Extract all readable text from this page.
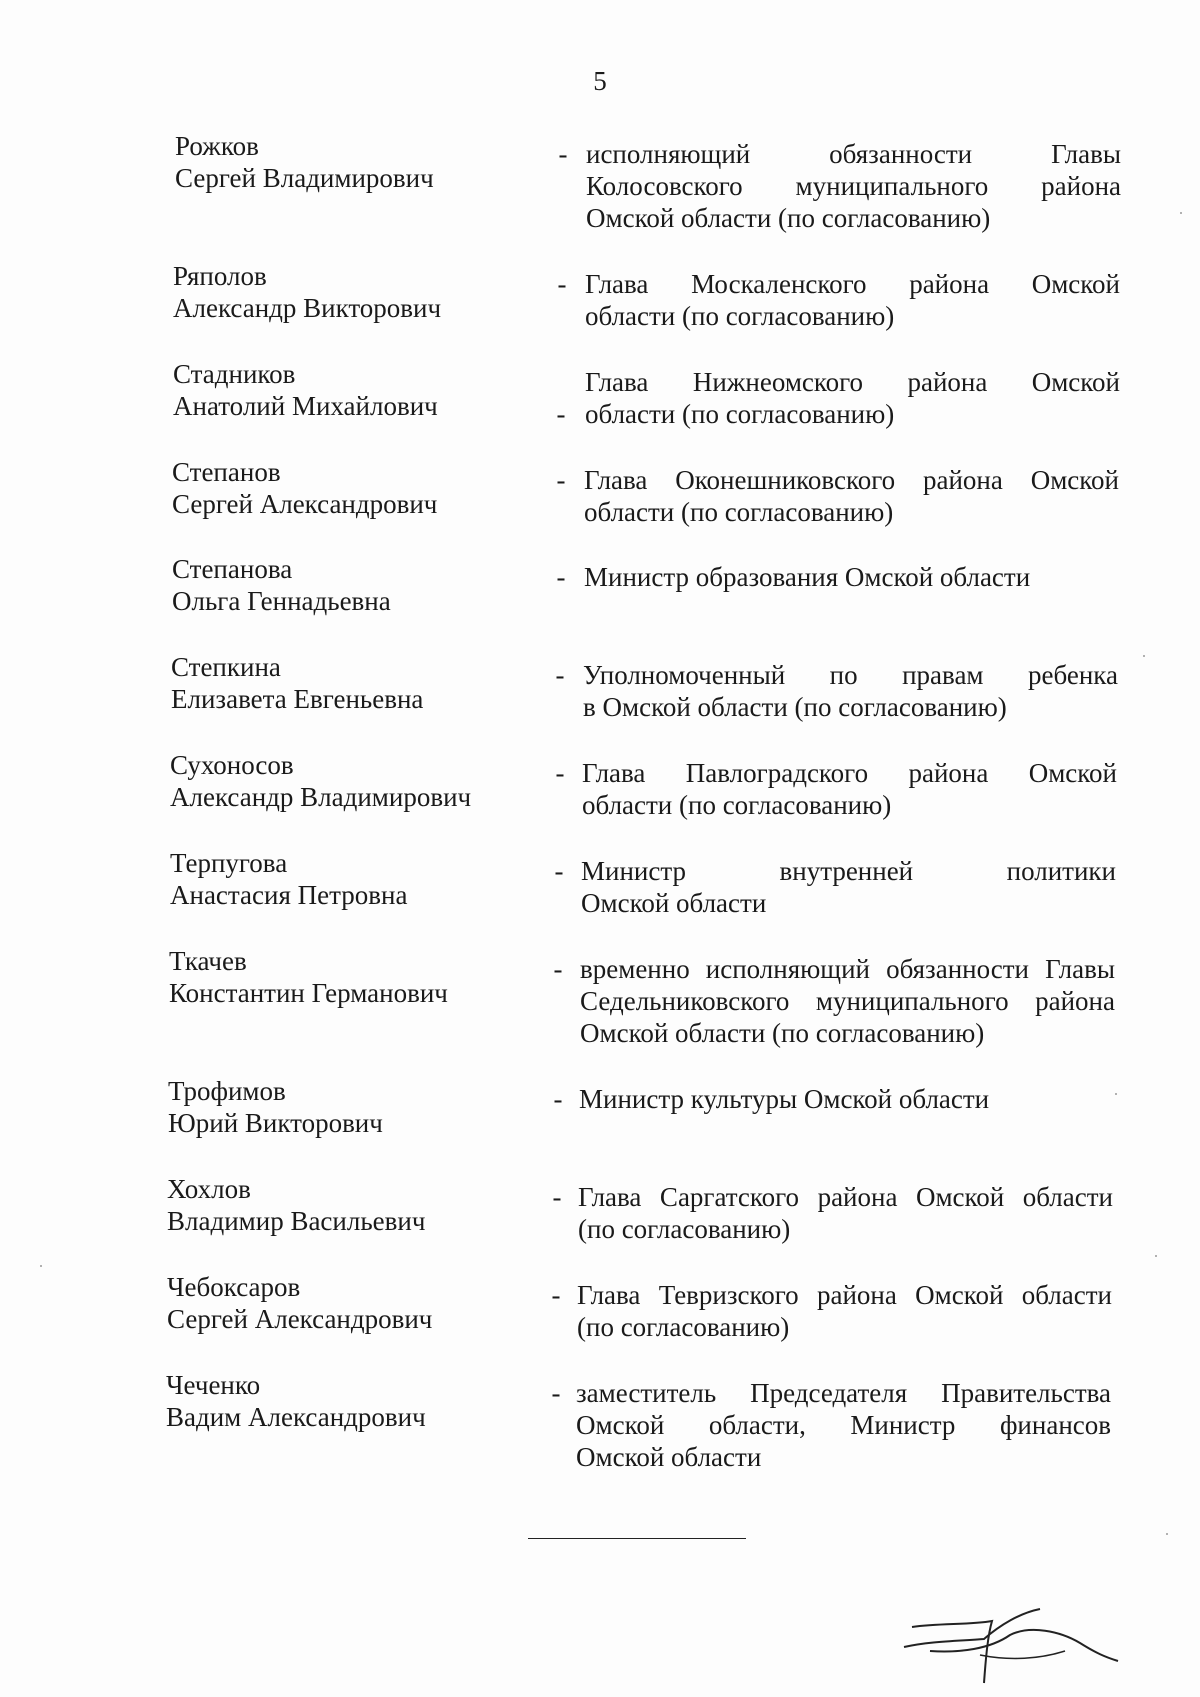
5
Рожков
Сергей Владимирович
- исполняющий обязанности Главы
Колосовского муниципального района
Омской области (по согласованию)
Ряполов
Александр Викторович
- Глава Москаленского района Омской
области (по согласованию)
Стадников
Анатолий Михайлович	-
Глава Нижнеомского района Омской
области (по согласованию)
Степанов
Сергей Александрович
- Глава Оконешниковского района Омской
области (по согласованию)
Степанова
Ольга Геннадьевна
- Министр образования Омской области
Степкина
Елизавета Евгеньевна
- Уполномоченный по правам ребенка
в Омской области (по согласованию)
Сухоносов
Александр Владимирович
- Глава Павлоградского района Омской
области (по согласованию)
Терпугова
Анастасия Петровна
- Министр внутренней политики
Омской области
Ткачев
Константин Германович
- временно исполняющий обязанности Главы
Седельниковского муниципального района
Омской области (по согласованию)
Трофимов
Юрий Викторович
- Министр культуры Омской области
Хохлов
Владимир Васильевич
- Глава Саргатского района Омской области
(по согласованию)
Чебоксаров
Сергей Александрович
- Глава Тевризского района Омской области
(по согласованию)
Чеченко
Вадим Александрович
- заместитель Председателя Правительства
Омской области, Министр финансов
Омской области
